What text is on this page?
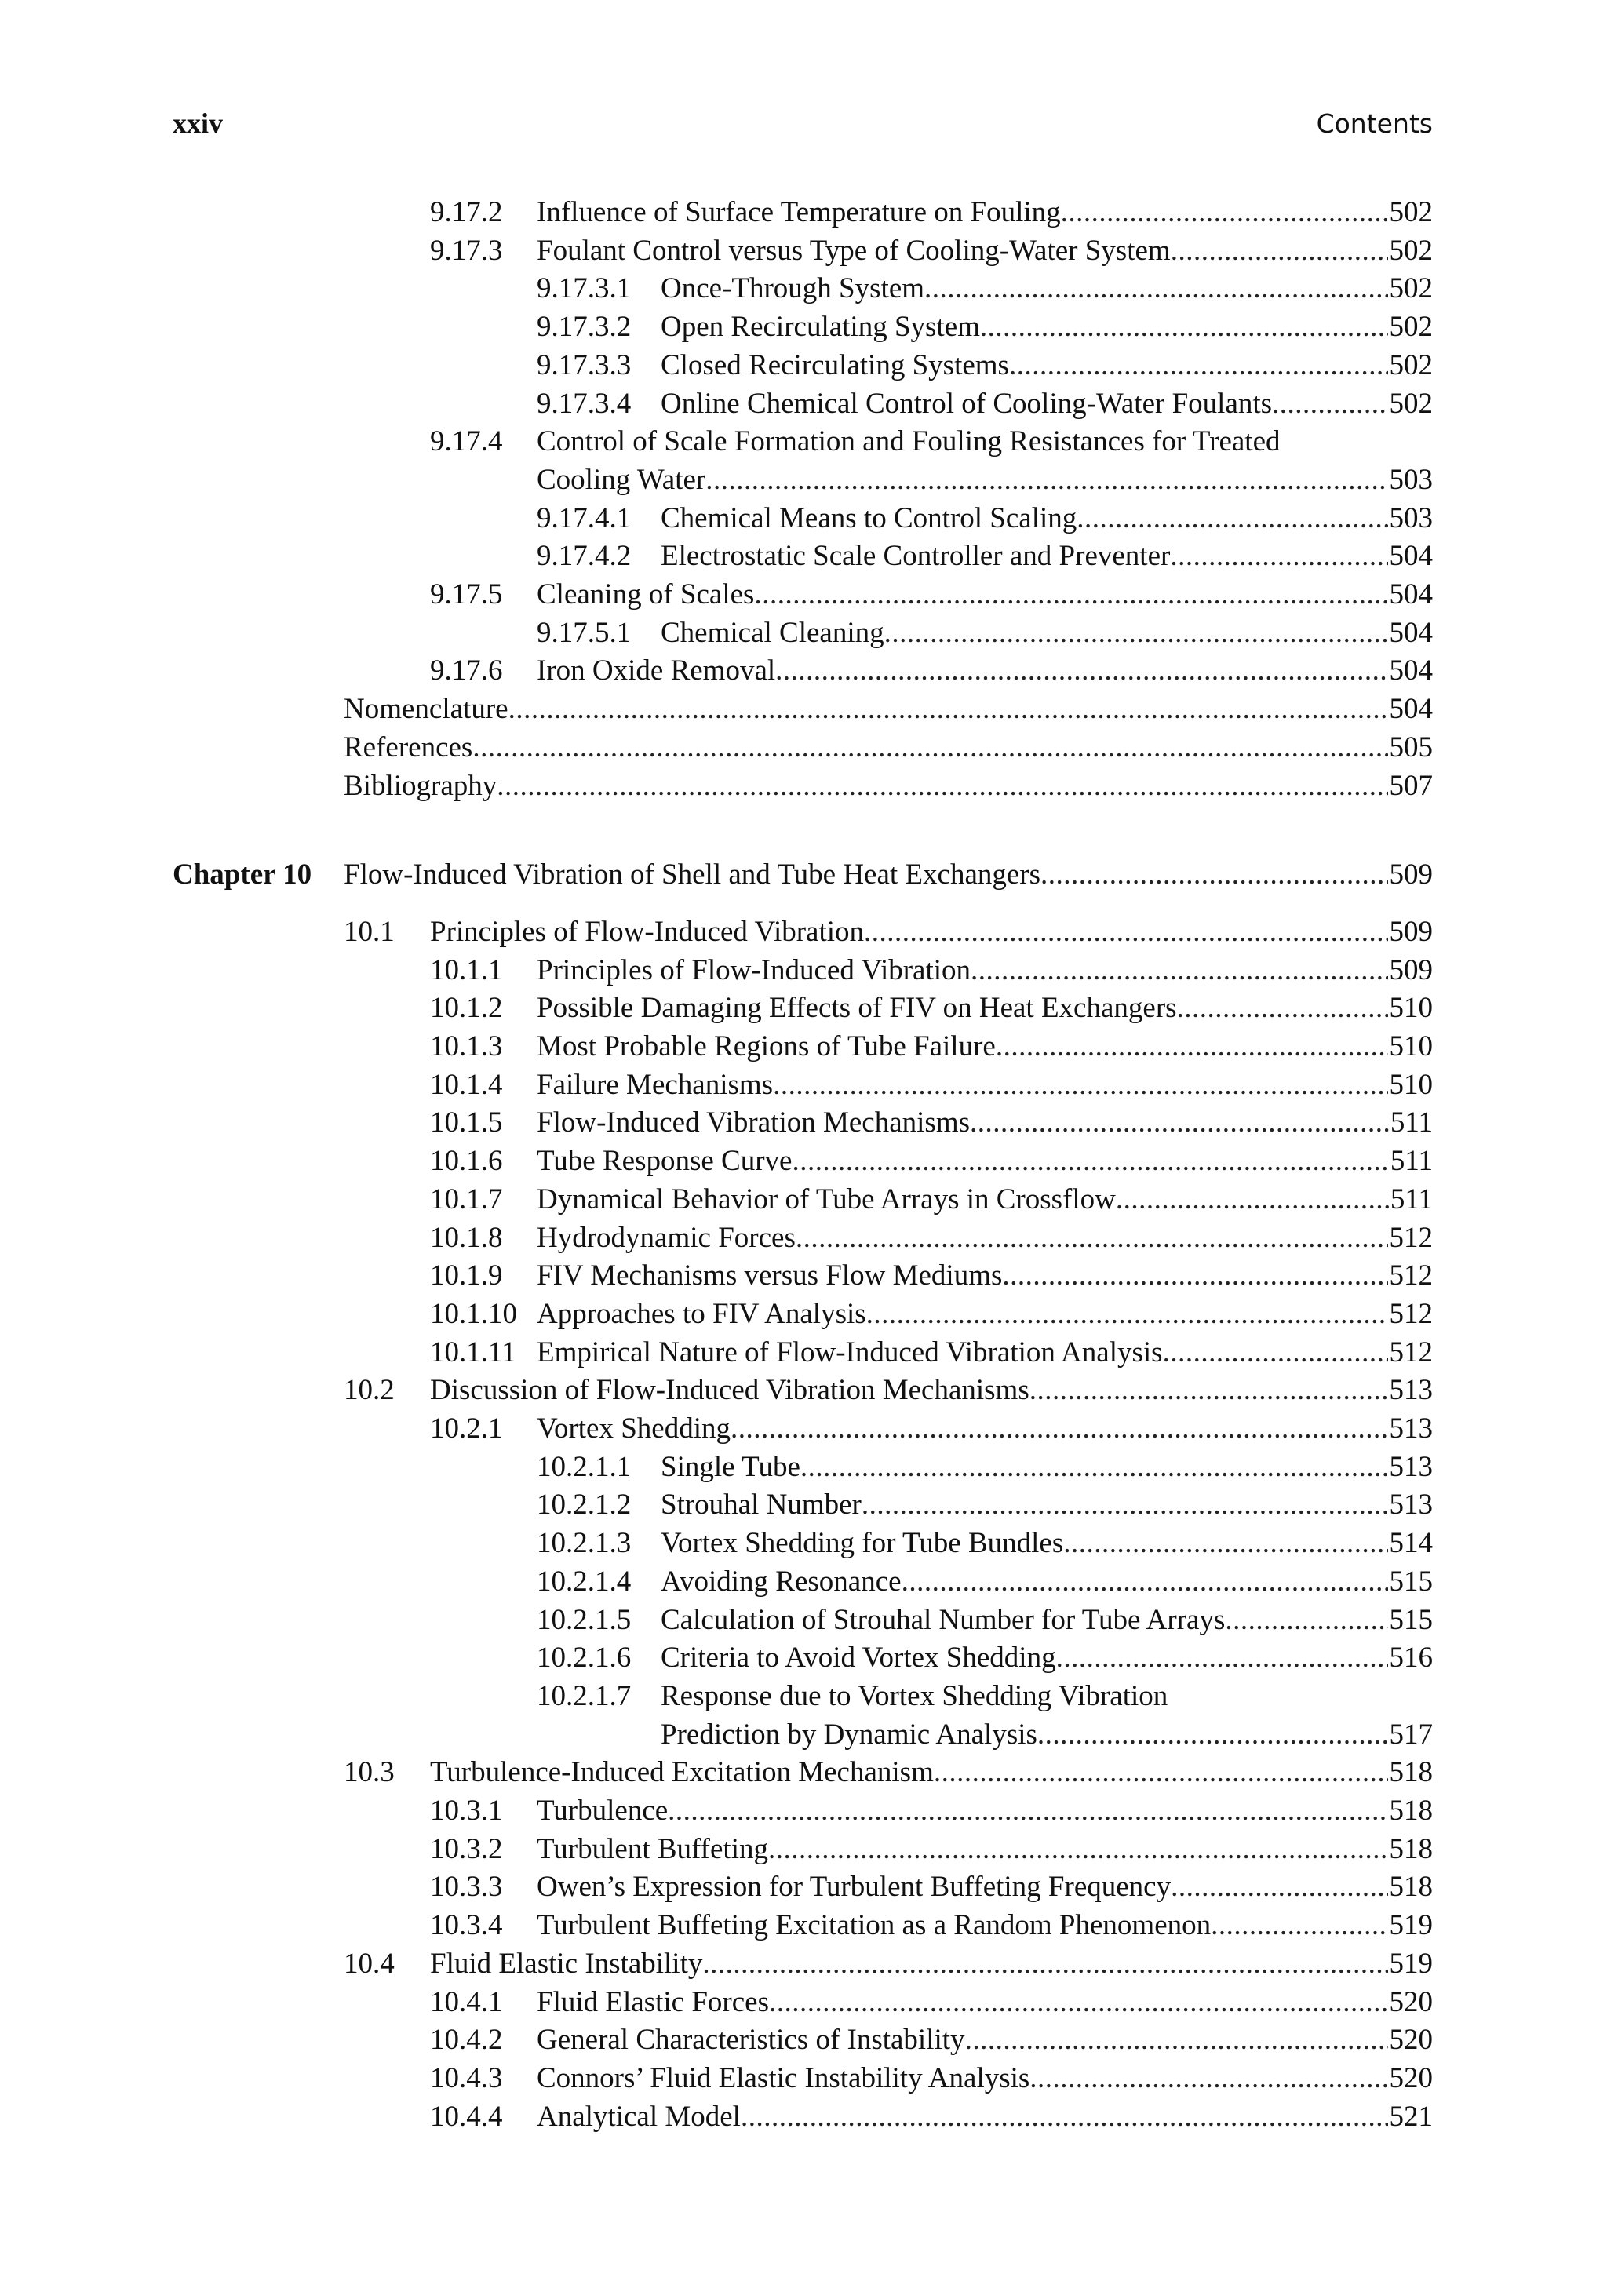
xxiv	Contents
9.17.2 Influence of Surface Temperature on Fouling .....	502
9.17.3 Foulant Control versus Type of Cooling-Water System .....	502
9.17.3.1 Once-Through System .....	502
9.17.3.2 Open Recirculating System .....	502
9.17.3.3 Closed Recirculating Systems .....	502
9.17.3.4 Online Chemical Control of Cooling-Water Foulants .....	502
9.17.4 Control of Scale Formation and Fouling Resistances for Treated
Cooling Water .....	503
9.17.4.1 Chemical Means to Control Scaling .....	503
9.17.4.2 Electrostatic Scale Controller and Preventer .....	504
9.17.5 Cleaning of Scales .....	504
9.17.5.1 Chemical Cleaning .....	504
9.17.6 Iron Oxide Removal .....	504
Nomenclature .....	504
References .....	505
Bibliography .....	507
Chapter 10 Flow-Induced Vibration of Shell and Tube Heat Exchangers .....	509
10.1 Principles of Flow-Induced Vibration .....	509
10.1.1 Principles of Flow-Induced Vibration .....	509
10.1.2 Possible Damaging Effects of FIV on Heat Exchangers .....	510
10.1.3 Most Probable Regions of Tube Failure .....	510
10.1.4 Failure Mechanisms .....	510
10.1.5 Flow-Induced Vibration Mechanisms .....	511
10.1.6 Tube Response Curve .....	511
10.1.7 Dynamical Behavior of Tube Arrays in Crossflow .....	511
10.1.8 Hydrodynamic Forces .....	512
10.1.9 FIV Mechanisms versus Flow Mediums .....	512
10.1.10 Approaches to FIV Analysis .....	512
10.1.11 Empirical Nature of Flow-Induced Vibration Analysis .....	512
10.2 Discussion of Flow-Induced Vibration Mechanisms .....	513
10.2.1 Vortex Shedding .....	513
10.2.1.1 Single Tube .....	513
10.2.1.2 Strouhal Number .....	513
10.2.1.3 Vortex Shedding for Tube Bundles .....	514
10.2.1.4 Avoiding Resonance .....	515
10.2.1.5 Calculation of Strouhal Number for Tube Arrays .....	515
10.2.1.6 Criteria to Avoid Vortex Shedding .....	516
10.2.1.7 Response due to Vortex Shedding Vibration
Prediction by Dynamic Analysis .....	517
10.3 Turbulence-Induced Excitation Mechanism .....	518
10.3.1 Turbulence .....	518
10.3.2 Turbulent Buffeting .....	518
10.3.3 Owen’s Expression for Turbulent Buffeting Frequency .....	518
10.3.4 Turbulent Buffeting Excitation as a Random Phenomenon .....	519
10.4 Fluid Elastic Instability .....	519
10.4.1 Fluid Elastic Forces .....	520
10.4.2 General Characteristics of Instability .....	520
10.4.3 Connors’ Fluid Elastic Instability Analysis .....	520
10.4.4 Analytical Model .....	521
